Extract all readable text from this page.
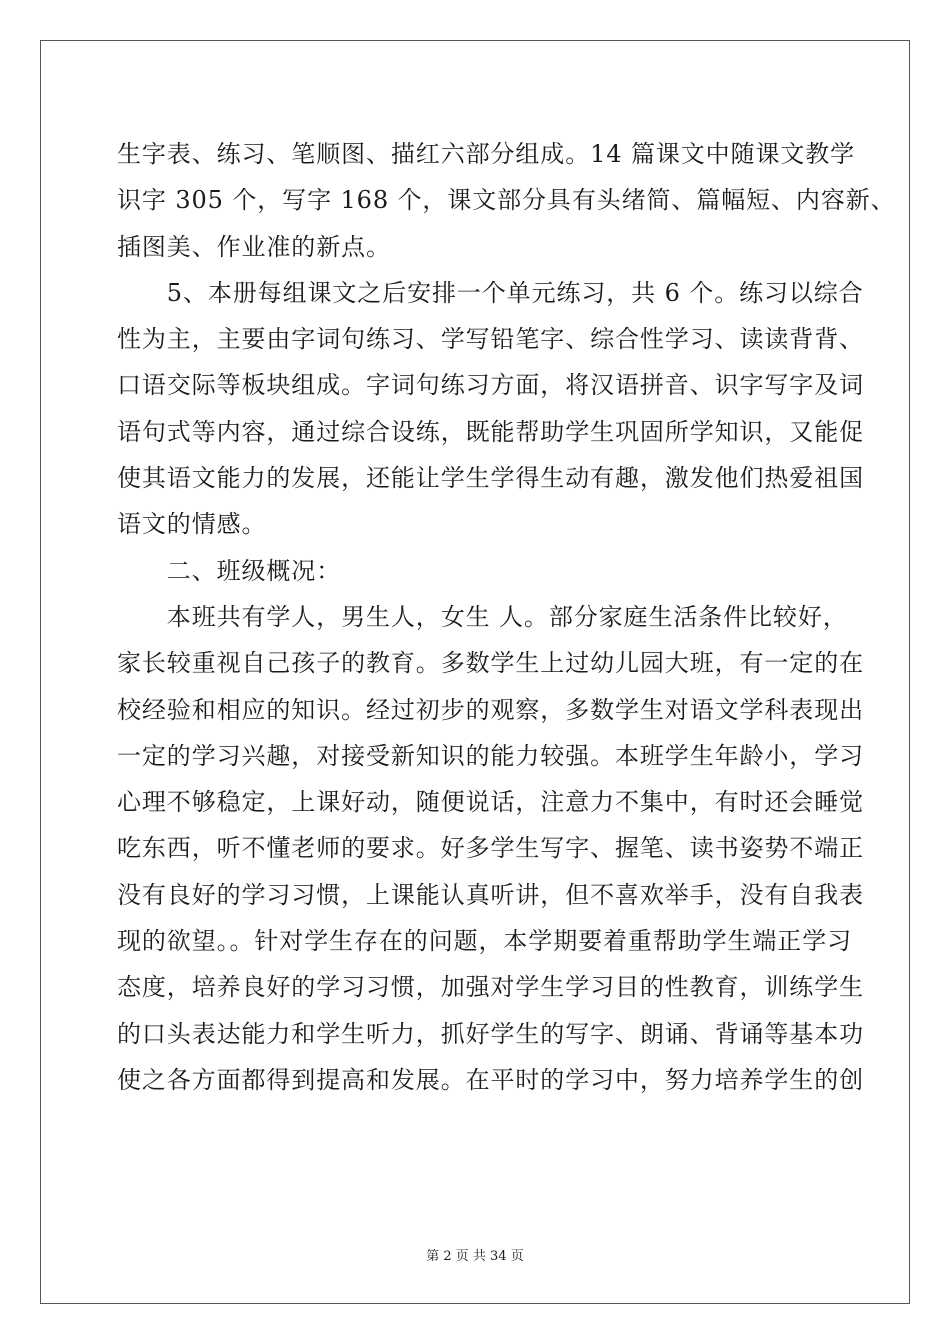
生字表、练习、笔顺图、描红六部分组成。14 篇课文中随课文教学
识字 305 个，写字 168 个，课文部分具有头绪简、篇幅短、内容新、
插图美、作业准的新点。
　　5、本册每组课文之后安排一个单元练习，共 6 个。练习以综合
性为主，主要由字词句练习、学写铅笔字、综合性学习、读读背背、
口语交际等板块组成。字词句练习方面，将汉语拼音、识字写字及词
语句式等内容，通过综合设练，既能帮助学生巩固所学知识，又能促
使其语文能力的发展，还能让学生学得生动有趣，激发他们热爱祖国
语文的情感。
　　二、班级概况：
　　本班共有学人，男生人，女生 人。部分家庭生活条件比较好，
家长较重视自己孩子的教育。多数学生上过幼儿园大班，有一定的在
校经验和相应的知识。经过初步的观察，多数学生对语文学科表现出
一定的学习兴趣，对接受新知识的能力较强。本班学生年龄小，学习
心理不够稳定，上课好动，随便说话，注意力不集中，有时还会睡觉
吃东西，听不懂老师的要求。好多学生写字、握笔、读书姿势不端正
没有良好的学习习惯，上课能认真听讲，但不喜欢举手，没有自我表
现的欲望。。针对学生存在的问题，本学期要着重帮助学生端正学习
态度，培养良好的学习习惯，加强对学生学习目的性教育，训练学生
的口头表达能力和学生听力，抓好学生的写字、朗诵、背诵等基本功
使之各方面都得到提高和发展。在平时的学习中，努力培养学生的创
第 2 页 共 34 页
